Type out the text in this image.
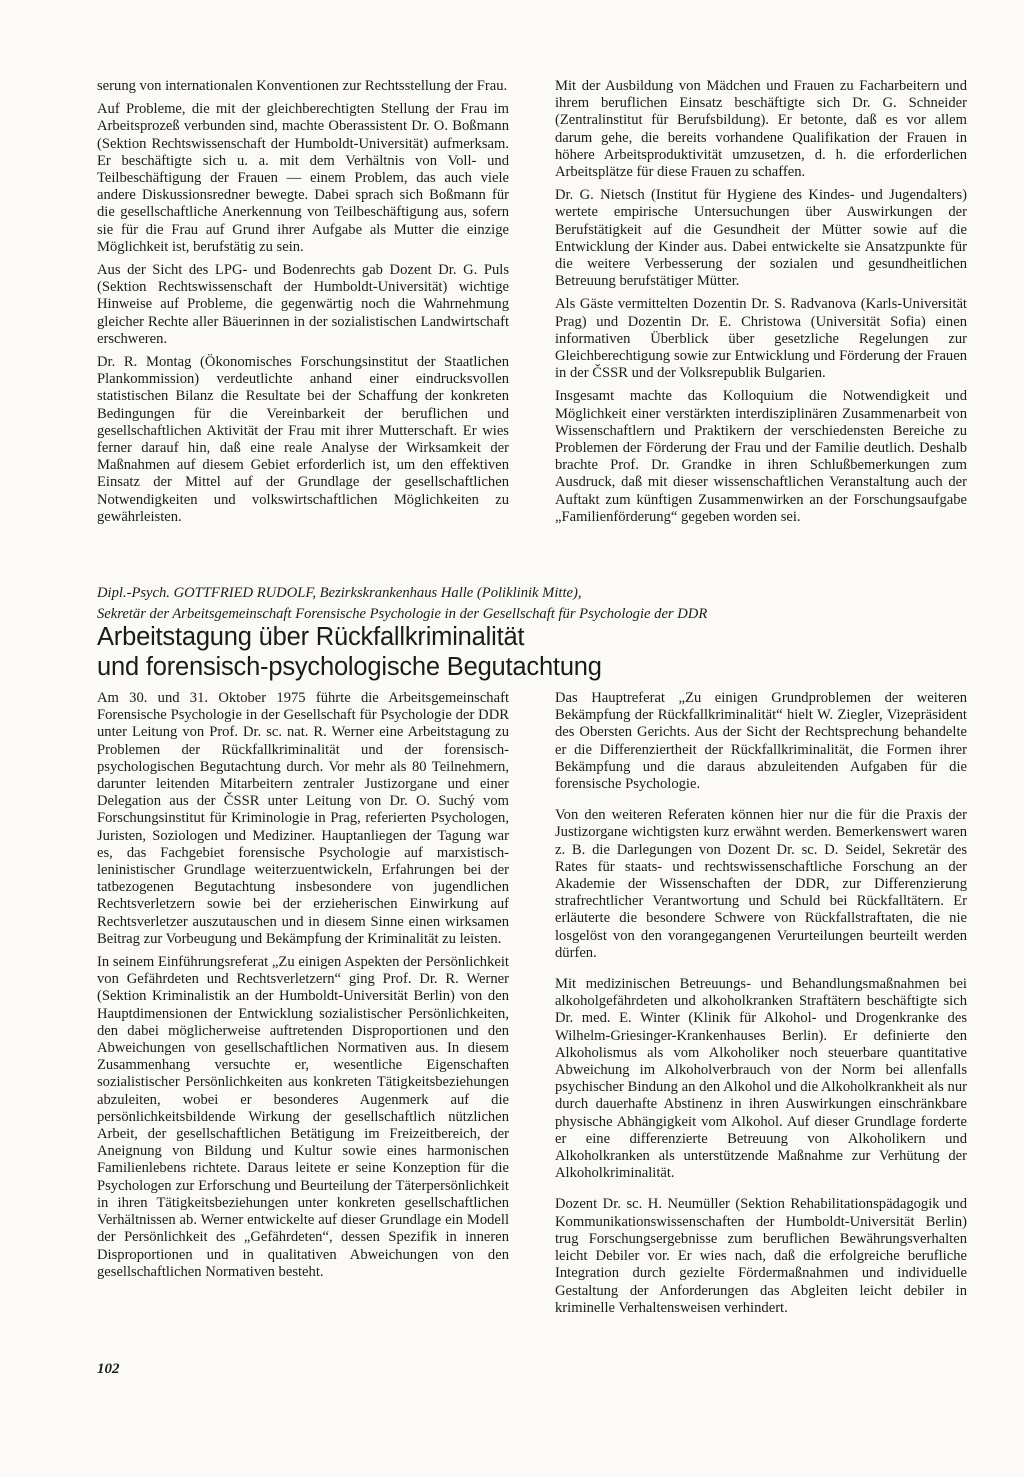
serung von internationalen Konventionen zur Rechtsstellung der Frau.

Auf Probleme, die mit der gleichberechtigten Stellung der Frau im Arbeitsprozeß verbunden sind, machte Oberassistent Dr. O. Boßmann (Sektion Rechtswissenschaft der Humboldt-Universität) aufmerksam. Er beschäftigte sich u. a. mit dem Verhältnis von Voll- und Teilbeschäftigung der Frauen — einem Problem, das auch viele andere Diskussionsredner bewegte. Dabei sprach sich Boßmann für die gesellschaftliche Anerkennung von Teilbeschäftigung aus, sofern sie für die Frau auf Grund ihrer Aufgabe als Mutter die einzige Möglichkeit ist, berufstätig zu sein.

Aus der Sicht des LPG- und Bodenrechts gab Dozent Dr. G. Puls (Sektion Rechtswissenschaft der Humboldt-Universität) wichtige Hinweise auf Probleme, die gegenwärtig noch die Wahrnehmung gleicher Rechte aller Bäuerinnen in der sozialistischen Landwirtschaft erschweren.

Dr. R. Montag (Ökonomisches Forschungsinstitut der Staatlichen Plankommission) verdeutlichte anhand einer eindrucksvollen statistischen Bilanz die Resultate bei der Schaffung der konkreten Bedingungen für die Vereinbarkeit der beruflichen und gesellschaftlichen Aktivität der Frau mit ihrer Mutterschaft. Er wies ferner darauf hin, daß eine reale Analyse der Wirksamkeit der Maßnahmen auf diesem Gebiet erforderlich ist, um den effektiven Einsatz der Mittel auf der Grundlage der gesellschaftlichen Notwendigkeiten und volkswirtschaftlichen Möglichkeiten zu gewährleisten.

Mit der Ausbildung von Mädchen und Frauen zu Facharbeitern und ihrem beruflichen Einsatz beschäftigte sich Dr. G. Schneider (Zentralinstitut für Berufsbildung). Er betonte, daß es vor allem darum gehe, die bereits vorhandene Qualifikation der Frauen in höhere Arbeitsproduktivität umzusetzen, d. h. die erforderlichen Arbeitsplätze für diese Frauen zu schaffen.

Dr. G. Nietsch (Institut für Hygiene des Kindes- und Jugendalters) wertete empirische Untersuchungen über Auswirkungen der Berufstätigkeit auf die Gesundheit der Mütter sowie auf die Entwicklung der Kinder aus. Dabei entwickelte sie Ansatzpunkte für die weitere Verbesserung der sozialen und gesundheitlichen Betreuung berufstätiger Mütter.

Als Gäste vermittelten Dozentin Dr. S. Radvanova (Karls-Universität Prag) und Dozentin Dr. E. Christowa (Universität Sofia) einen informativen Überblick über gesetzliche Regelungen zur Gleichberechtigung sowie zur Entwicklung und Förderung der Frauen in der ČSSR und der Volksrepublik Bulgarien.

Insgesamt machte das Kolloquium die Notwendigkeit und Möglichkeit einer verstärkten interdisziplinären Zusammenarbeit von Wissenschaftlern und Praktikern der verschiedensten Bereiche zu Problemen der Förderung der Frau und der Familie deutlich. Deshalb brachte Prof. Dr. Grandke in ihren Schlußbemerkungen zum Ausdruck, daß mit dieser wissenschaftlichen Veranstaltung auch der Auftakt zum künftigen Zusammenwirken an der Forschungsaufgabe „Familienförderung“ gegeben worden sei.

Dipl.-Psych. GOTTFRIED RUDOLF, Bezirkskrankenhaus Halle (Poliklinik Mitte),
Sekretär der Arbeitsgemeinschaft Forensische Psychologie in der Gesellschaft für Psychologie der DDR
Arbeitstagung über Rückfallkriminalität
und forensisch-psychologische Begutachtung

Am 30. und 31. Oktober 1975 führte die Arbeitsgemeinschaft Forensische Psychologie in der Gesellschaft für Psychologie der DDR unter Leitung von Prof. Dr. sc. nat. R. Werner eine Arbeitstagung zu Problemen der Rückfallkriminalität und der forensisch-psychologischen Begutachtung durch. Vor mehr als 80 Teilnehmern, darunter leitenden Mitarbeitern zentraler Justizorgane und einer Delegation aus der ČSSR unter Leitung von Dr. O. Suchý vom Forschungsinstitut für Kriminologie in Prag, referierten Psychologen, Juristen, Soziologen und Mediziner. Hauptanliegen der Tagung war es, das Fachgebiet forensische Psychologie auf marxistisch-leninistischer Grundlage weiterzuentwickeln, Erfahrungen bei der tatbezogenen Begutachtung insbesondere von jugendlichen Rechtsverletzern sowie bei der erzieherischen Einwirkung auf Rechtsverletzer auszutauschen und in diesem Sinne einen wirksamen Beitrag zur Vorbeugung und Bekämpfung der Kriminalität zu leisten.

In seinem Einführungsreferat „Zu einigen Aspekten der Persönlichkeit von Gefährdeten und Rechtsverletzern“ ging Prof. Dr. R. Werner (Sektion Kriminalistik an der Humboldt-Universität Berlin) von den Hauptdimensionen der Entwicklung sozialistischer Persönlichkeiten, den dabei möglicherweise auftretenden Disproportionen und den Abweichungen von gesellschaftlichen Normativen aus. In diesem Zusammenhang versuchte er, wesentliche Eigenschaften sozialistischer Persönlichkeiten aus konkreten Tätigkeitsbeziehungen abzuleiten, wobei er besonderes Augenmerk auf die persönlichkeitsbildende Wirkung der gesellschaftlich nützlichen Arbeit, der gesellschaftlichen Betätigung im Freizeitbereich, der Aneignung von Bildung und Kultur sowie eines harmonischen Familienlebens richtete. Daraus leitete er seine Konzeption für die Psychologen zur Erforschung und Beurteilung der Täterpersönlichkeit in ihren Tätigkeitsbeziehungen unter konkreten gesellschaftlichen Verhältnissen ab. Werner entwickelte auf dieser Grundlage ein Modell der Persönlichkeit des „Gefährdeten“, dessen Spezifik in inneren Disproportionen und in qualitativen Abweichungen von den gesellschaftlichen Normativen besteht.

Das Hauptreferat „Zu einigen Grundproblemen der weiteren Bekämpfung der Rückfallkriminalität“ hielt W. Ziegler, Vizepräsident des Obersten Gerichts. Aus der Sicht der Rechtsprechung behandelte er die Differenziertheit der Rückfallkriminalität, die Formen ihrer Bekämpfung und die daraus abzuleitenden Aufgaben für die forensische Psychologie.

Von den weiteren Referaten können hier nur die für die Praxis der Justizorgane wichtigsten kurz erwähnt werden. Bemerkenswert waren z. B. die Darlegungen von Dozent Dr. sc. D. Seidel, Sekretär des Rates für staats- und rechtswissenschaftliche Forschung an der Akademie der Wissenschaften der DDR, zur Differenzierung strafrechtlicher Verantwortung und Schuld bei Rückfalltätern. Er erläuterte die besondere Schwere von Rückfallstraftaten, die nie losgelöst von den vorangegangenen Verurteilungen beurteilt werden dürfen.

Mit medizinischen Betreuungs- und Behandlungsmaßnahmen bei alkoholgefährdeten und alkoholkranken Straftätern beschäftigte sich Dr. med. E. Winter (Klinik für Alkohol- und Drogenkranke des Wilhelm-Griesinger-Krankenhauses Berlin). Er definierte den Alkoholismus als vom Alkoholiker noch steuerbare quantitative Abweichung im Alkoholverbrauch von der Norm bei allenfalls psychischer Bindung an den Alkohol und die Alkoholkrankheit als nur durch dauerhafte Abstinenz in ihren Auswirkungen einschränkbare physische Abhängigkeit vom Alkohol. Auf dieser Grundlage forderte er eine differenzierte Betreuung von Alkoholikern und Alkoholkranken als unterstützende Maßnahme zur Verhütung der Alkoholkriminalität.

Dozent Dr. sc. H. Neumüller (Sektion Rehabilitationspädagogik und Kommunikationswissenschaften der Humboldt-Universität Berlin) trug Forschungsergebnisse zum beruflichen Bewährungsverhalten leicht Debiler vor. Er wies nach, daß die erfolgreiche berufliche Integration durch gezielte Fördermaßnahmen und individuelle Gestaltung der Anforderungen das Abgleiten leicht debiler in kriminelle Verhaltensweisen verhindert.

102
